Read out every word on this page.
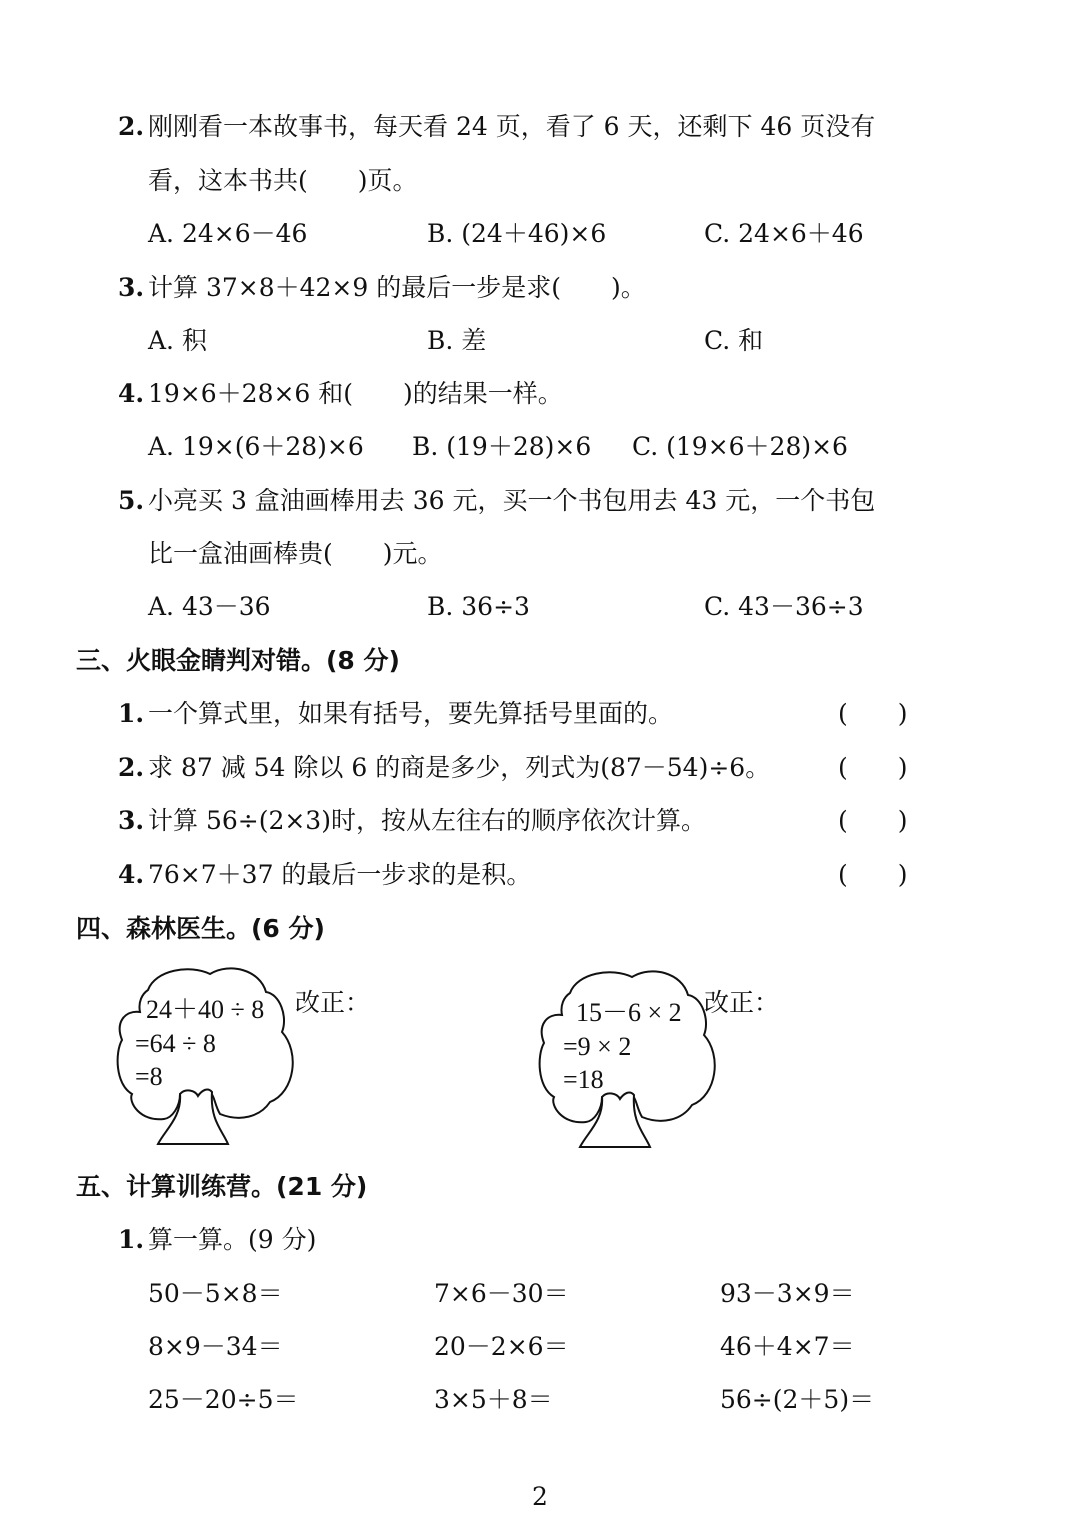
2. 刚刚看一本故事书，每天看 24 页，看了 6 天，还剩下 46 页没有
看，这本书共(　　)页。
A. 24×6－46	B. (24＋46)×6	C. 24×6＋46
3. 计算 37×8＋42×9 的最后一步是求(　　)。
A. 积	B. 差	C. 和
4. 19×6＋28×6 和(　　)的结果一样。
A. 19×(6＋28)×6 B. (19＋28)×6 C. (19×6＋28)×6
5. 小亮买 3 盒油画棒用去 36 元，买一个书包用去 43 元，一个书包
比一盒油画棒贵(　　)元。
A. 43－36	B. 36÷3	C. 43－36÷3
三、火眼金睛判对错。(8 分)
1. 一个算式里，如果有括号，要先算括号里面的。	(　　)
2. 求 87 减 54 除以 6 的商是多少，列式为(87－54)÷6。	(　　)
3. 计算 56÷(2×3)时，按从左往右的顺序依次计算。	(　　)
4. 76×7＋37 的最后一步求的是积。	(　　)
四、森林医生。(6 分)
24＋40 ÷ 8
=64 ÷ 8
=8
改正：	15－6 × 2
=9 × 2
=18
改正：
五、计算训练营。(21 分)
1. 算一算。(9 分)
50－5×8＝	7×6－30＝	93－3×9＝
8×9－34＝	20－2×6＝	46＋4×7＝
25－20÷5＝	3×5＋8＝	56÷(2＋5)＝
2
